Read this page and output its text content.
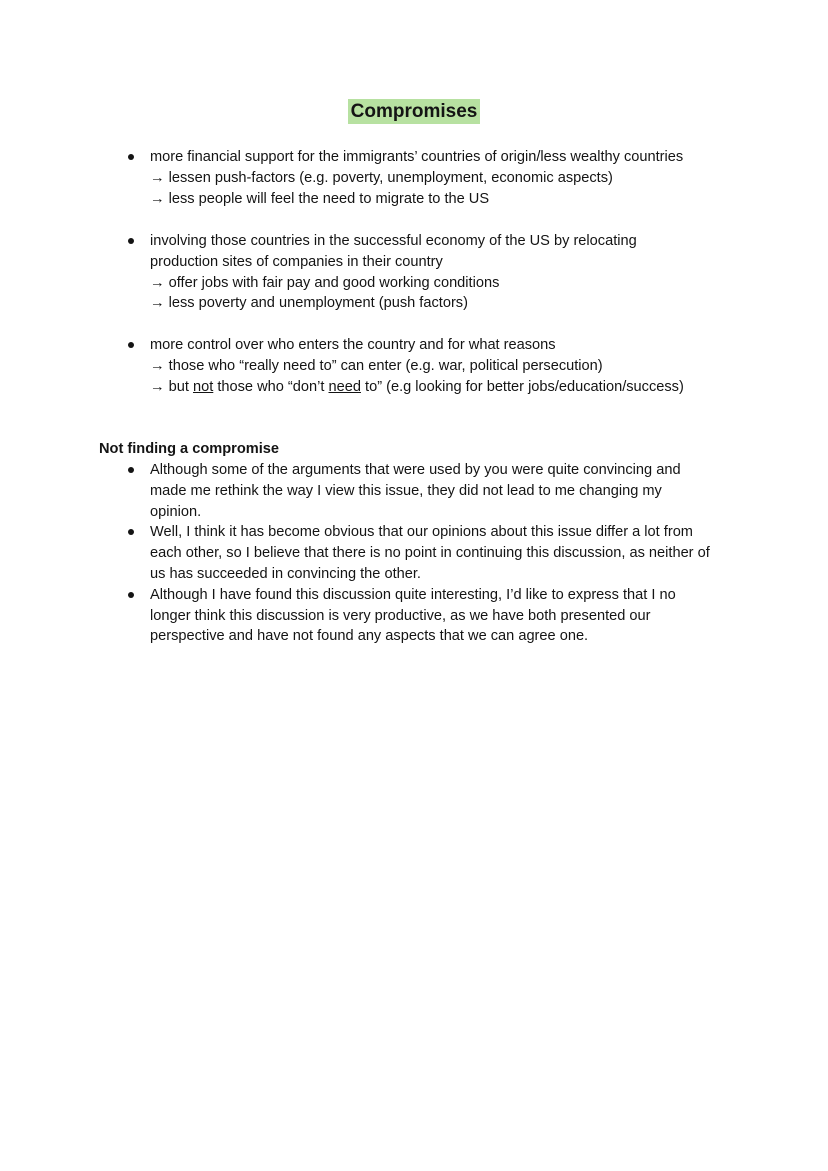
Compromises
more financial support for the immigrants’ countries of origin/less wealthy countries
→ lessen push-factors (e.g. poverty, unemployment, economic aspects)
→ less people will feel the need to migrate to the US
involving those countries in the successful economy of the US by relocating
production sites of companies in their country
→ offer jobs with fair pay and good working conditions
→ less poverty and unemployment (push factors)
more control over who enters the country and for what reasons
→ those who “really need to” can enter (e.g. war, political persecution)
→ but not those who “don’t need to” (e.g looking for better jobs/education/success)
Not finding a compromise
Although some of the arguments that were used by you were quite convincing and made me rethink the way I view this issue, they did not lead to me changing my opinion.
Well, I think it has become obvious that our opinions about this issue differ a lot from each other, so I believe that there is no point in continuing this discussion, as neither of us has succeeded in convincing the other.
Although I have found this discussion quite interesting, I’d like to express that I no longer think this discussion is very productive, as we have both presented our perspective and have not found any aspects that we can agree one.
